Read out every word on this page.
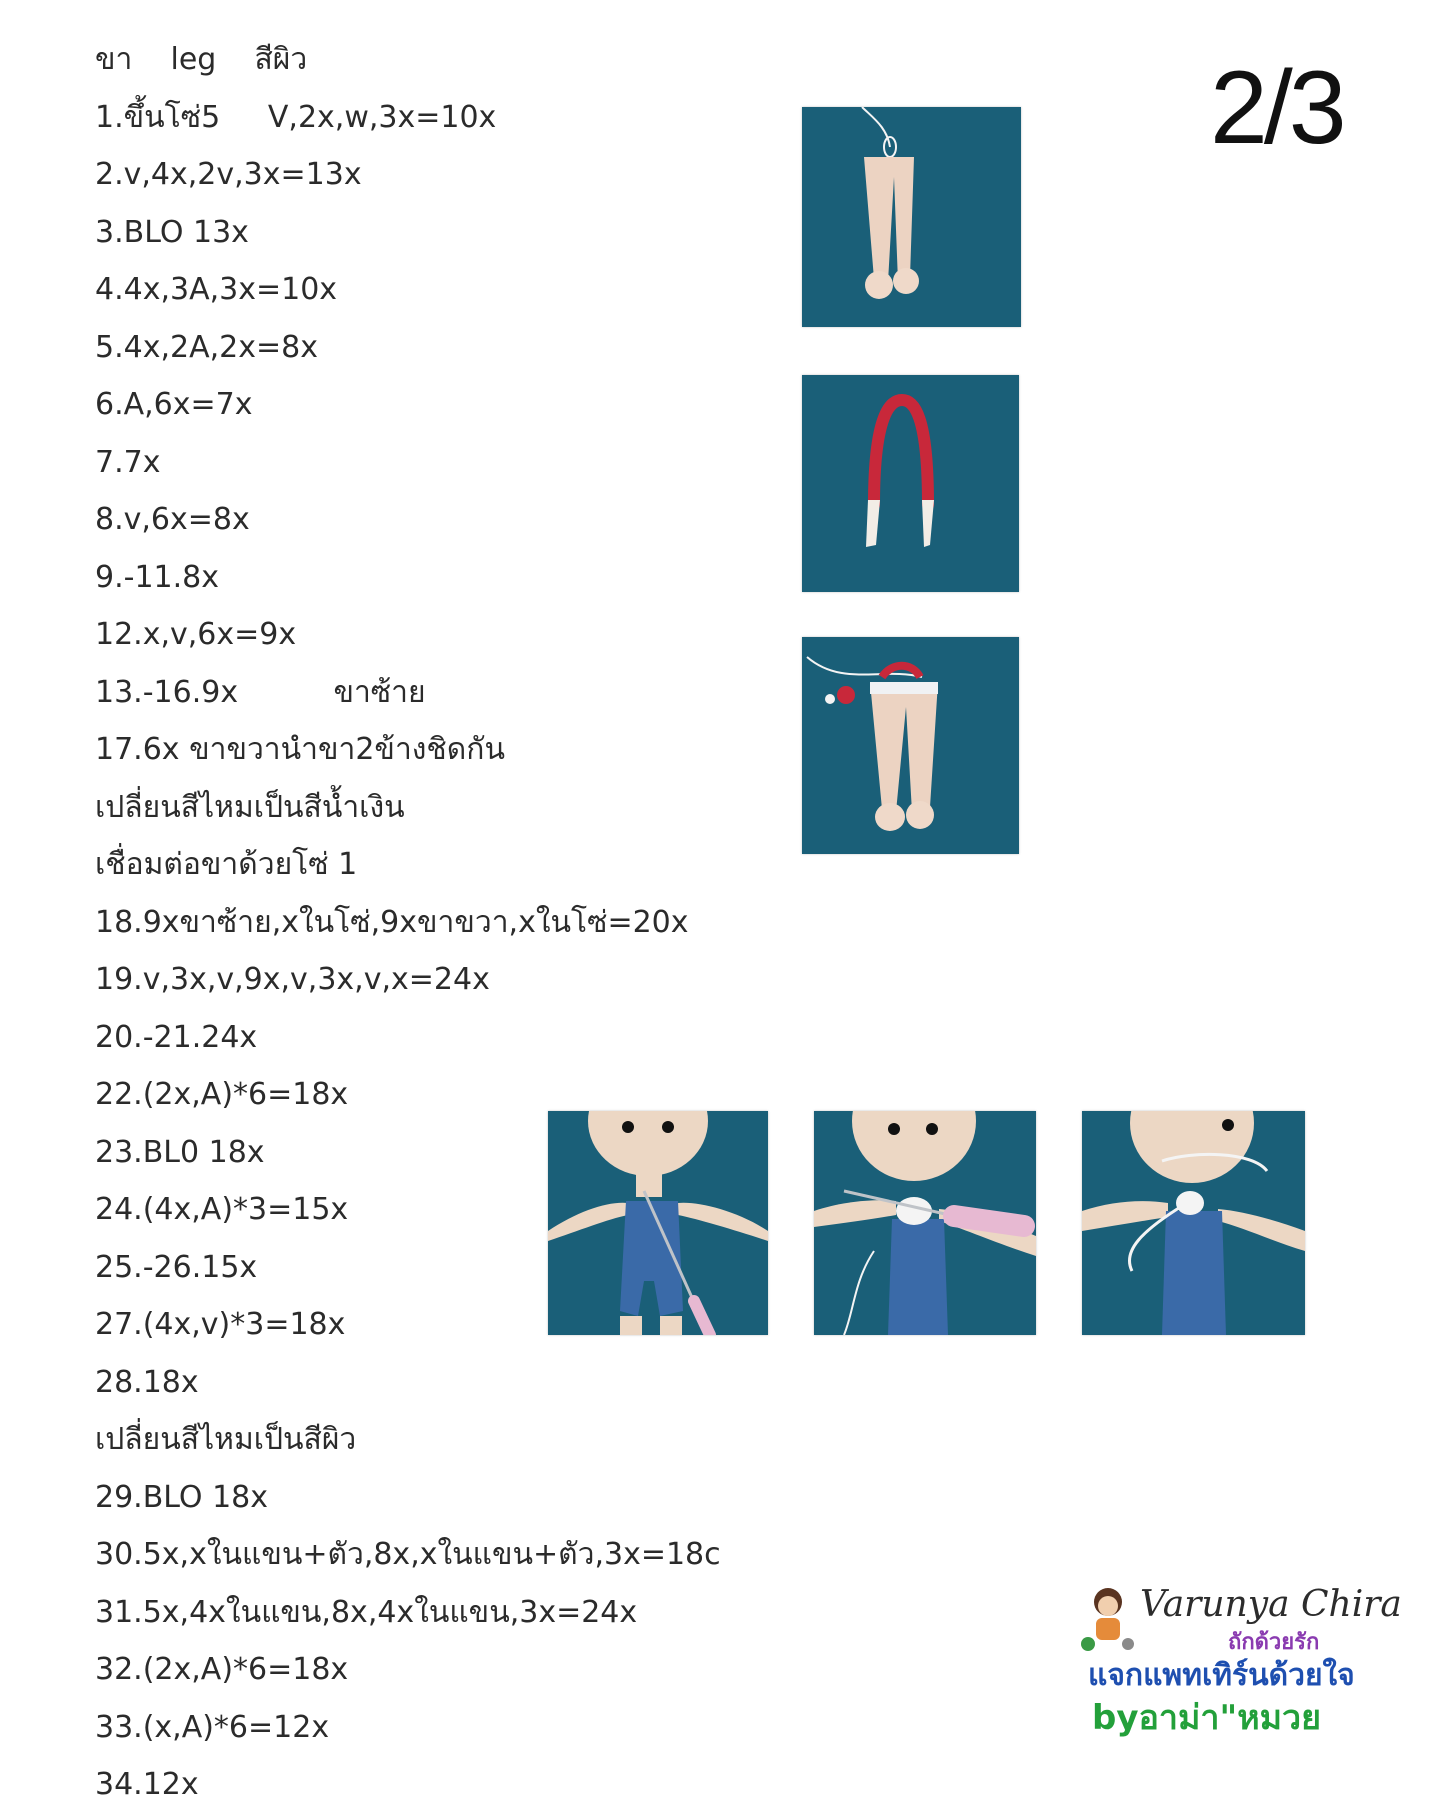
ขา    leg    สีผิว
1.ขึ้นโซ่5     V,2x,w,3x=10x
2.v,4x,2v,3x=13x
3.BLO 13x
4.4x,3A,3x=10x
5.4x,2A,2x=8x
6.A,6x=7x
7.7x
8.v,6x=8x
9.-11.8x
12.x,v,6x=9x
13.-16.9x          ขาซ้าย
17.6x ขาขวานำขา2ข้างชิดกัน
เปลี่ยนสีไหมเป็นสีน้ำเงิน
เชื่อมต่อขาด้วยโซ่ 1
18.9xขาซ้าย,xในโซ่,9xขาขวา,xในโซ่=20x
19.v,3x,v,9x,v,3x,v,x=24x
20.-21.24x
22.(2x,A)*6=18x
23.BL0 18x
24.(4x,A)*3=15x
25.-26.15x
27.(4x,v)*3=18x
28.18x
เปลี่ยนสีไหมเป็นสีผิว
29.BLO 18x
30.5x,xในแขน+ตัว,8x,xในแขน+ตัว,3x=18c
31.5x,4xในแขน,8x,4xในแขน,3x=24x
32.(2x,A)*6=18x
33.(x,A)*6=12x
34.12x
2/3
Varunya Chira
ถักด้วยรัก
แจกแพทเทิร์นด้วยใจ
byอาม่า"หมวย
